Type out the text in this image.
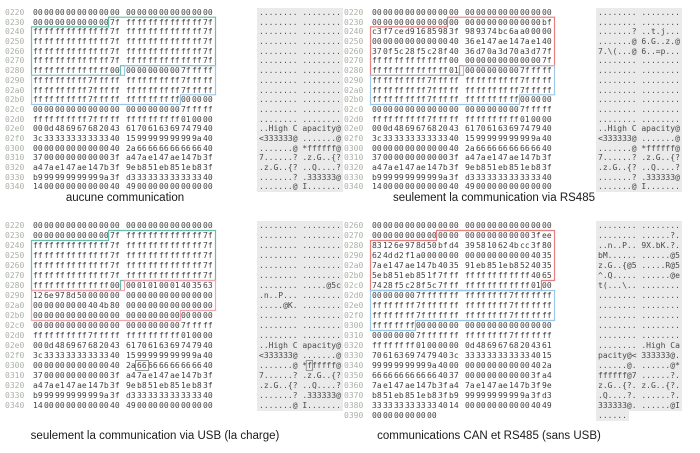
0220 0000000000000000 0000000000000000	........ ........
0230 000000000000007f ffffffffffffff7f	........ ........
0240 ffffffffffffff7f ffffffffffffff7f	........ ........
0250 ffffffffffffff7f ffffffffffffff7f	........ ........
0260 ffffffffffffff7f ffffffffffffff7f	........ ........
0270 ffffffffffffff7f ffffffffffffff7f	........ ........
0280 ffffffffffffff00 00000000007fffff	........ ........
0290 ffffffffff7fffff ffffffffff7fffff	........ ........
02a0 ffffffffff7fffff ffffffffff7fffff	........ ........
02b0 ffffffffff7fffff ffffffffff000000	........ ........
02c0 0000000000000000 00000000007fffff	........ ........
02d0 ffffffffff7fffff ffffffffff010000	........ ........
02e0 000d486967682043 6170616369747940	..High C apacity@
02f0 3c33333333333340 1599999999999a40	<333333@ .......@
0300 0000000000000040 2a66666666666640	.......@ *ffffff@
0310 370000000000003f a47ae147ae147b3f	7......? .z.G..{?
0320 a47ae147ae147b3f 9eb851eb851eb83f	.z.G..{? ..Q....?
0330 b999999999999a3f d333333333333340	.......? .333333@
0340 1400000000000040 4900000000000000	.......@ I.......
0220 0000000000000000 0000000000000000	........ ........
0230 0000000000000000 00000000000000bf	........ ........
0240 c3f7ced91685983f 989374bc6aa00000	.......? ..t.j...
0250 0000000000000040 36e147ae147ae140	.......@ 6.G..z.@
0260 370f5c28f5c28f40 36d70a3d70a3d77f	7.\(...@ 6..=p...
0270 ffffffffffffff00 000000000000007f	........ ........
0280 ffffffffffffff01 00000000007fffff	........ ........
0290 ffffffffff7fffff ffffffffff7fffff	........ ........
02a0 ffffffffff7fffff ffffffffff7fffff	........ ........
02b0 ffffffffff7fffff ffffffffff000000	........ ........
02c0 0000000000000000 00000000007fffff	........ ........
02d0 ffffffffff7fffff ffffffffff010000	........ ........
02e0 000d486967682043 6170616369747940	..High C apacity@
02f0 3c33333333333340 1599999999999a40	<333333@ .......@
0300 0000000000000040 2a66666666666640	.......@ *ffffff@
0310 370000000000003f a47ae147ae147b3f	7......? .z.G..{?
0320 a47ae147ae147b3f 9eb851eb851eb83f	.z.G..{? ..Q....?
0330 b999999999999a3f d333333333333340	.......? .333333@
0340 1400000000000040 4900000000000000	.......@ I.......
0220 0000000000000000 0000000000000000	........ ........
0230 000000000000007f ffffffffffffff7f	........ ........
0240 ffffffffffffff7f ffffffffffffff7f	........ ........
0250 ffffffffffffff7f ffffffffffffff7f	........ ........
0260 ffffffffffffff7f ffffffffffffff7f	........ ........
0270 ffffffffffffff7f ffffffffffffff7f	........ ........
0280 ffffffffffffff00 0001010001403563	........ .....@5c
0290 126e978d50000000 0000000000000000	.n..P... ........
02a0 0000000000404b80 0000000000000000	.....@K. ........
02b0 0000000000000000 0000000000000000	........ ........
02c0 0000000000000000 00000000007fffff	........ ........
02d0 ffffffffff7fffff ffffffffff010000	........ ........
02e0 000d486967682043 6170616369747940	..High C apacity@
02f0 3c33333333333340 1599999999999a40	<333333@ .......@
0300 0000000000000040 2a66666666666640	.......@ *ffffff@
0310 370000000000003f a47ae147ae147b3f	7......? .z.G..{?
0320 a47ae147ae147b3f 9eb851eb851eb83f	.z.G..{? ..Q....?
0330 b999999999999a3f d333333333333340	.......? .333333@
0340 1400000000000040 4900000000000000	.......@ I.......
0260 0000000000000000 0000000000000000	........ ........
0270 0000000000000000 0000000000003fee	........ ......?.
0280 83126e978d50bfd4 395810624bcc3f80	..n..P.. 9X.bK.?.
0290 624dd2f1a0000000 0000000000004035	bM...... ......@5
02a0 7ae147ae147b4035 91eb851eb8524035	z.G..{@5 .....R@5
02b0 5eb851eb851f7fff ffffffffffff4065	^.Q..... ......@e
02c0 7428f5c28f5c7fff ffffffffffff0100	t(...\.. ........
02d0 000000007fffffff ffffffff7fffffff	........ ........
02e0 ffffffff7fffffff ffffffff7fffffff	........ ........
02f0 ffffffff7fffffff ffffffff7fffffff	........ ........
0300 ffffffff00000000 0000000000000000	........ ........
0310 000000007fffffff ffffffff7fffffff	........ ........
0320 ffffffff01000000 0d48696768204361	........ .High Ca
0330 706163697479403c 3333333333334015	pacity@< 333333@.
0340 99999999999a4000 000000000000402a	......@. ......@*
0350 6666666666664037 0000000000003fa4	ffffff@7 ......?.
0360 7ae147ae147b3fa4 7ae147ae147b3f9e	z.G..{?. z.G..{?.
0370 b851eb851eb83fb9 99999999999a3fd3	.Q....?. ......?.
0380 3333333333334014 0000000000004049	333333@. ......@I
0390 000000000000	......
aucune communication	seulement la communication via RS485
seulement la communication via USB (la charge)	communications CAN et RS485 (sans USB)
